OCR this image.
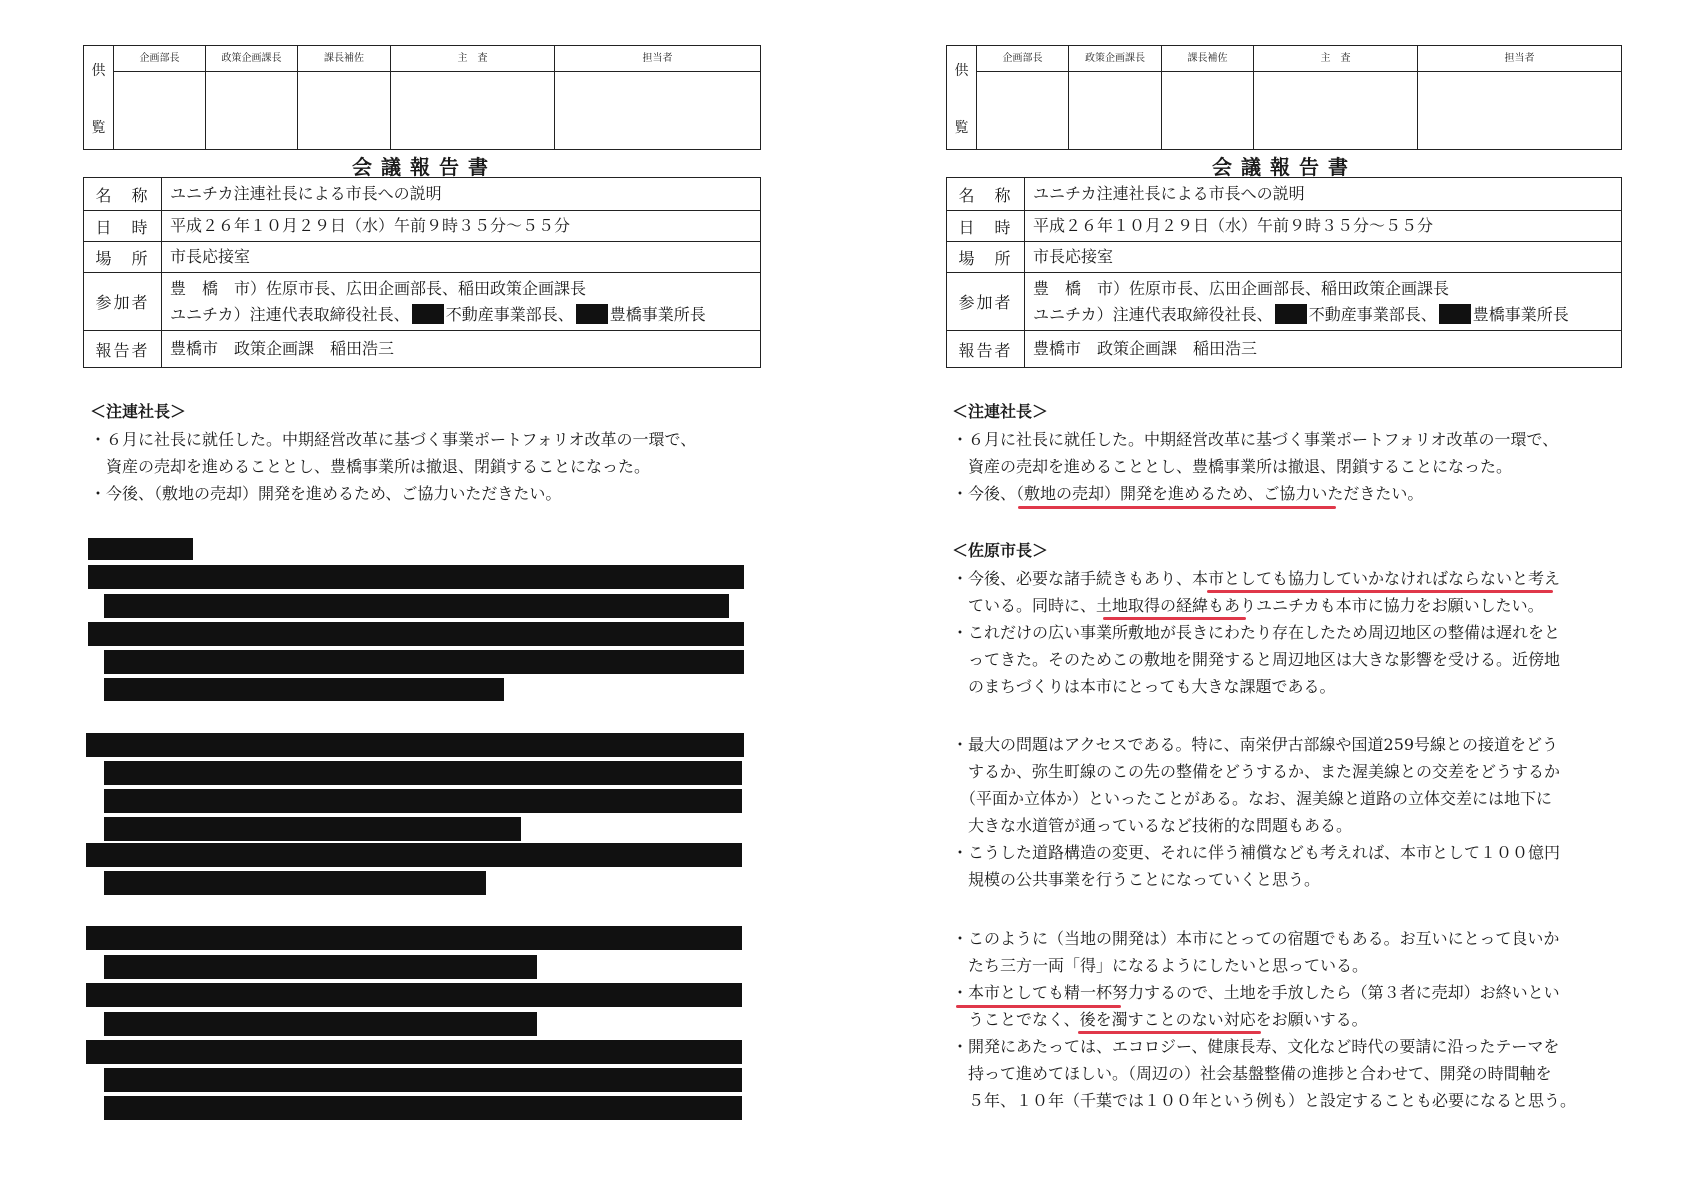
供
覧
企画部長	政策企画課長	課長補佐	主　査	担当者
会議報告書
名　称	ユニチカ注連社長による市長への説明
日　時	平成２６年１０月２９日（水）午前９時３５分～５５分
場　所	市長応接室
参加者
豊　橋　市）佐原市長、広田企画部長、稲田政策企画課長
ユニチカ）注連代表取締役社長、 不動産事業部長、 豊橋事業所長
報告者	豊橋市　政策企画課　稲田浩三
＜注連社長＞
・６月に社長に就任した。中期経営改革に基づく事業ポートフォリオ改革の一環で、
　資産の売却を進めることとし、豊橋事業所は撤退、閉鎖することになった。
・今後、（敷地の売却）開発を進めるため、ご協力いただきたい。
供
覧
企画部長	政策企画課長	課長補佐	主　査	担当者
会議報告書
名　称	ユニチカ注連社長による市長への説明
日　時	平成２６年１０月２９日（水）午前９時３５分～５５分
場　所	市長応接室
参加者
豊　橋　市）佐原市長、広田企画部長、稲田政策企画課長
ユニチカ）注連代表取締役社長、 不動産事業部長、 豊橋事業所長
報告者	豊橋市　政策企画課　稲田浩三
＜注連社長＞
・６月に社長に就任した。中期経営改革に基づく事業ポートフォリオ改革の一環で、
　資産の売却を進めることとし、豊橋事業所は撤退、閉鎖することになった。
・今後、（敷地の売却）開発を進めるため、ご協力いただきたい。
＜佐原市長＞
・今後、必要な諸手続きもあり、本市としても協力していかなければならないと考え
　ている。同時に、土地取得の経緯もありユニチカも本市に協力をお願いしたい。
・これだけの広い事業所敷地が長きにわたり存在したため周辺地区の整備は遅れをと
　ってきた。そのためこの敷地を開発すると周辺地区は大きな影響を受ける。近傍地
　のまちづくりは本市にとっても大きな課題である。
・最大の問題はアクセスである。特に、南栄伊古部線や国道259号線との接道をどう
　するか、弥生町線のこの先の整備をどうするか、また渥美線との交差をどうするか
　（平面か立体か）といったことがある。なお、渥美線と道路の立体交差には地下に
　大きな水道管が通っているなど技術的な問題もある。
・こうした道路構造の変更、それに伴う補償なども考えれば、本市として１００億円
　規模の公共事業を行うことになっていくと思う。
・このように（当地の開発は）本市にとっての宿題でもある。お互いにとって良いか
　たち三方一両「得」になるようにしたいと思っている。
・本市としても精一杯努力するので、土地を手放したら（第３者に売却）お終いとい
　うことでなく、後を濁すことのない対応をお願いする。
・開発にあたっては、エコロジー、健康長寿、文化など時代の要請に沿ったテーマを
　持って進めてほしい。（周辺の）社会基盤整備の進捗と合わせて、開発の時間軸を
　５年、１０年（千葉では１００年という例も）と設定することも必要になると思う。
